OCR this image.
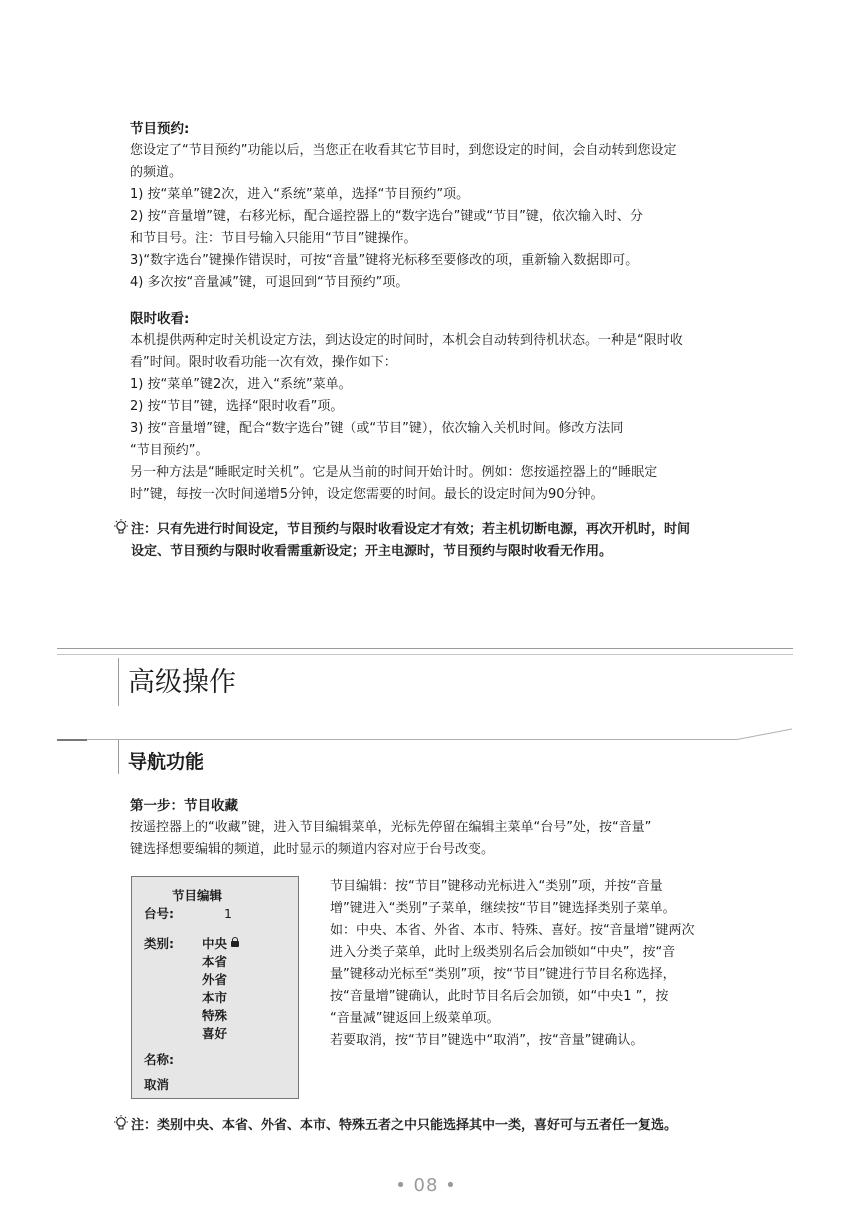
节目预约:
您设定了“节目预约”功能以后，当您正在收看其它节目时，到您设定的时间，会自动转到您设定
的频道。
1) 按“菜单”键2次，进入“系统”菜单，选择“节目预约”项。
2) 按“音量增”键，右移光标，配合遥控器上的“数字选台”键或“节目”键，依次输入时、分
和节目号。注：节目号输入只能用“节目”键操作。
3)“数字选台”键操作错误时，可按“音量”键将光标移至要修改的项，重新输入数据即可。
4) 多次按“音量减”键，可退回到“节目预约”项。
限时收看:
本机提供两种定时关机设定方法，到达设定的时间时，本机会自动转到待机状态。一种是“限时收
看”时间。限时收看功能一次有效，操作如下：
1) 按“菜单”键2次，进入“系统”菜单。
2) 按“节目”键，选择“限时收看”项。
3) 按“音量增”键，配合“数字选台”键（或“节目”键），依次输入关机时间。修改方法同
“节目预约”。
另一种方法是“睡眠定时关机”。它是从当前的时间开始计时。例如：您按遥控器上的“睡眠定
时”键，每按一次时间递增5分钟，设定您需要的时间。最长的设定时间为90分钟。
注：只有先进行时间设定，节目预约与限时收看设定才有效；若主机切断电源，再次开机时，时间
设定、节目预约与限时收看需重新设定；开主电源时，节目预约与限时收看无作用。
高级操作
导航功能
第一步：节目收藏
按遥控器上的“收藏”键，进入节目编辑菜单，光标先停留在编辑主菜单“台号”处，按“音量”
键选择想要编辑的频道，此时显示的频道内容对应于台号改变。
节目编辑
台号:	1
类别: 中央
本省
外省
本市
特殊
喜好
名称:
取消
节目编辑：按“节目”键移动光标进入“类别”项，并按“音量
增”键进入“类别”子菜单，继续按“节目”键选择类别子菜单。
如：中央、本省、外省、本市、特殊、喜好。按“音量增”键两次
进入分类子菜单，此时上级类别名后会加锁如“中央”，按“音
量”键移动光标至“类别”项，按“节目”键进行节目名称选择，
按“音量增”键确认，此时节目名后会加锁，如“中央1 ”，按
“音量减”键返回上级菜单项。
若要取消，按“节目”键选中“取消”，按“音量”键确认。
注：类别中央、本省、外省、本市、特殊五者之中只能选择其中一类，喜好可与五者任一复选。
• 08 •
